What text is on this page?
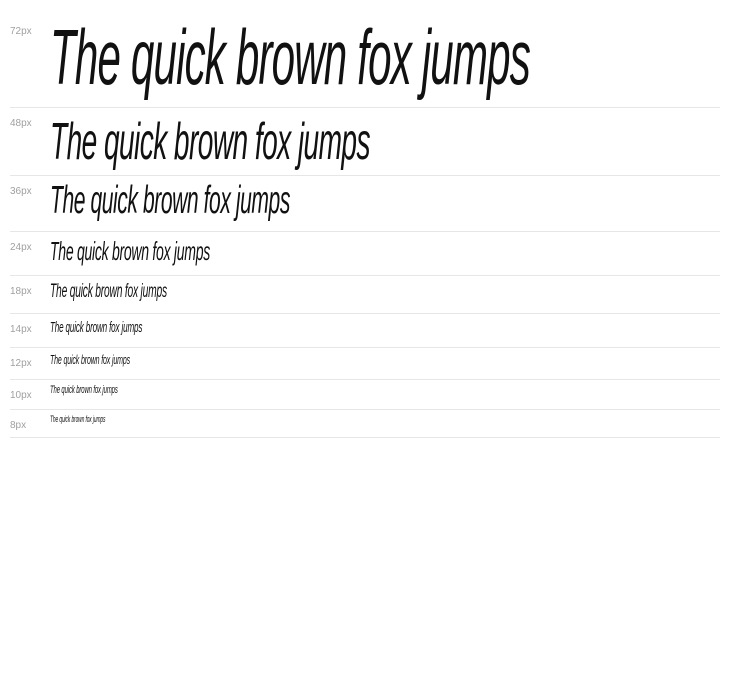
72px The quick brown fox jumps
48px The quick brown fox jumps
36px The quick brown fox jumps
24px The quick brown fox jumps
18px The quick brown fox jumps
14px The quick brown fox jumps
12px The quick brown fox jumps
10px The quick brown fox jumps
8px
The quick brown fox jumps
